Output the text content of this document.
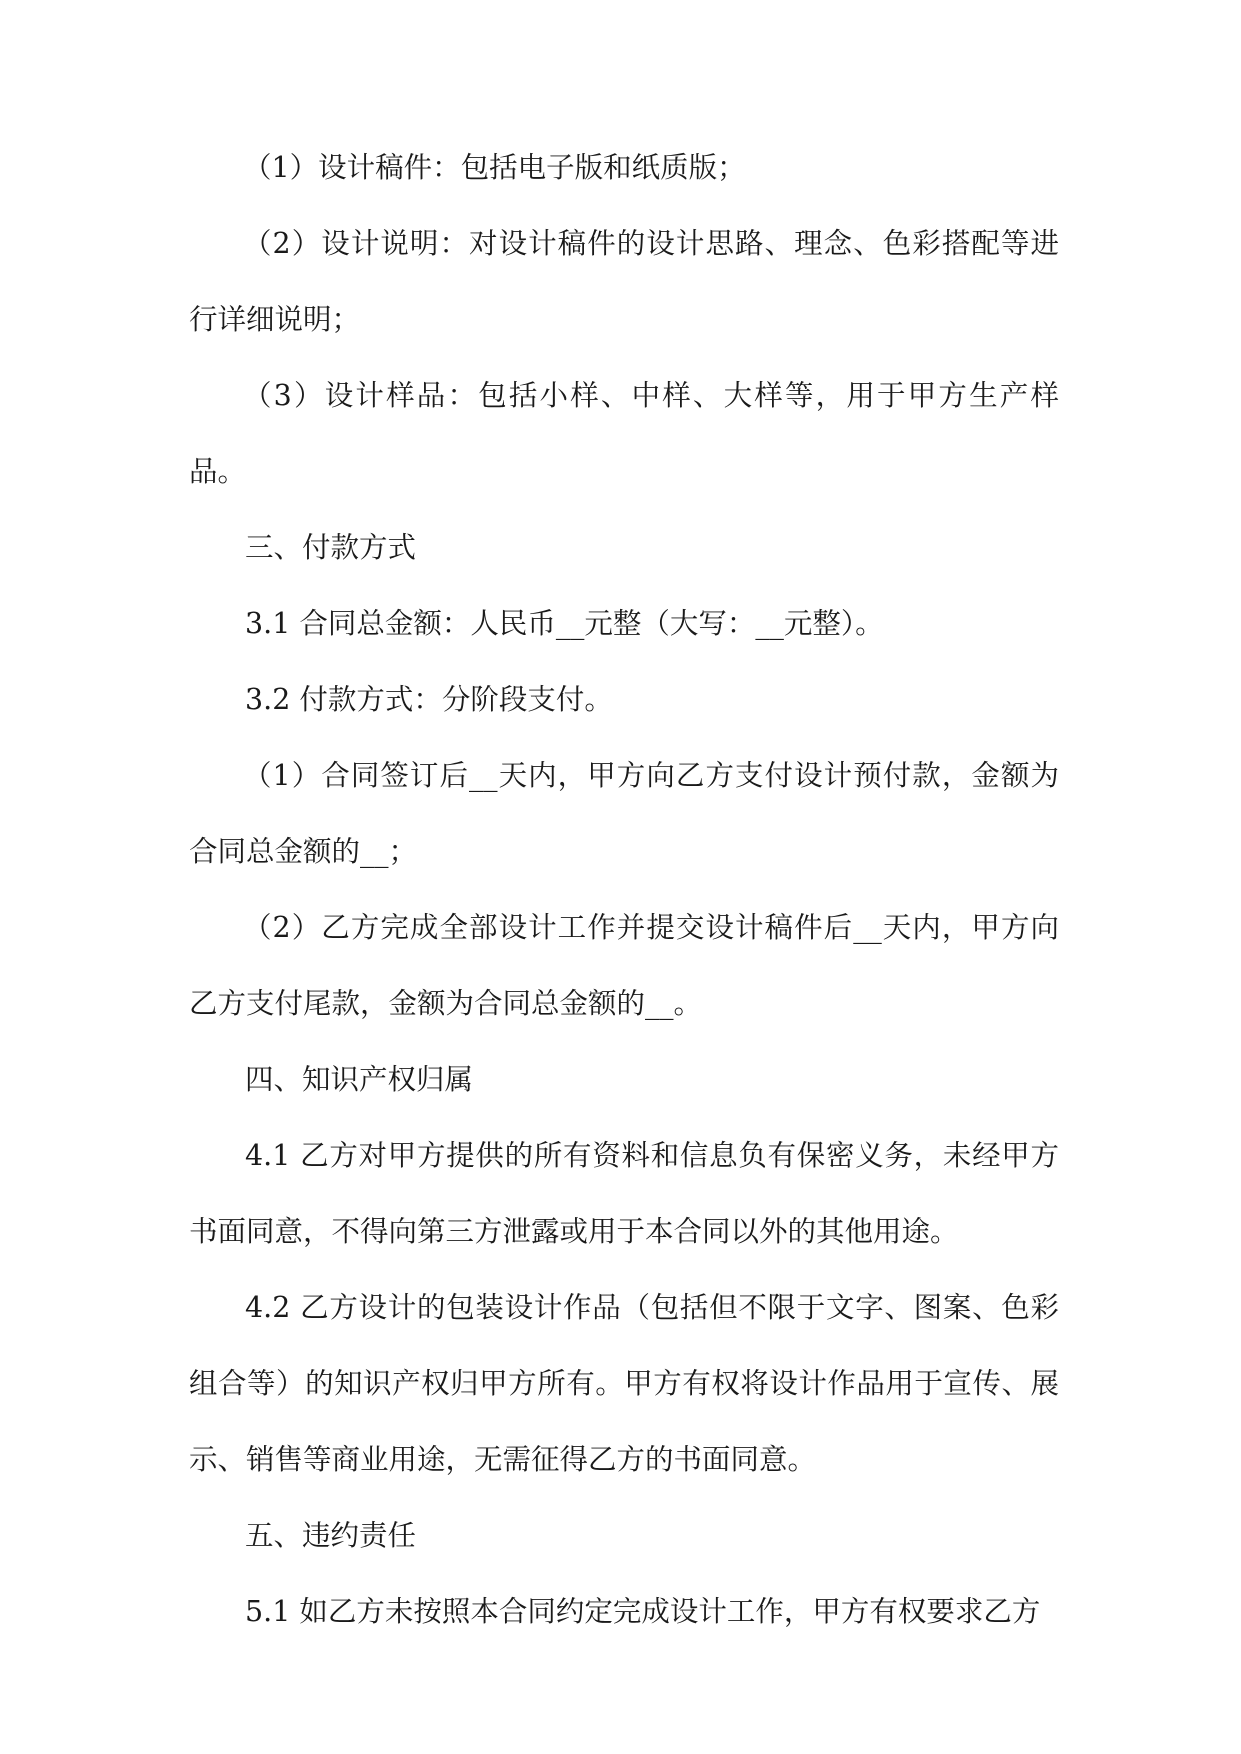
（1）设计稿件：包括电子版和纸质版；

（2）设计说明：对设计稿件的设计思路、理念、色彩搭配等进行详细说明；

（3）设计样品：包括小样、中样、大样等，用于甲方生产样品。

三、付款方式

3.1 合同总金额：人民币__元整（大写：__元整）。

3.2 付款方式：分阶段支付。

（1）合同签订后__天内，甲方向乙方支付设计预付款，金额为合同总金额的__；

（2）乙方完成全部设计工作并提交设计稿件后__天内，甲方向乙方支付尾款，金额为合同总金额的__。

四、知识产权归属

4.1 乙方对甲方提供的所有资料和信息负有保密义务，未经甲方书面同意，不得向第三方泄露或用于本合同以外的其他用途。

4.2 乙方设计的包装设计作品（包括但不限于文字、图案、色彩组合等）的知识产权归甲方所有。甲方有权将设计作品用于宣传、展示、销售等商业用途，无需征得乙方的书面同意。

五、违约责任

5.1 如乙方未按照本合同约定完成设计工作，甲方有权要求乙方
